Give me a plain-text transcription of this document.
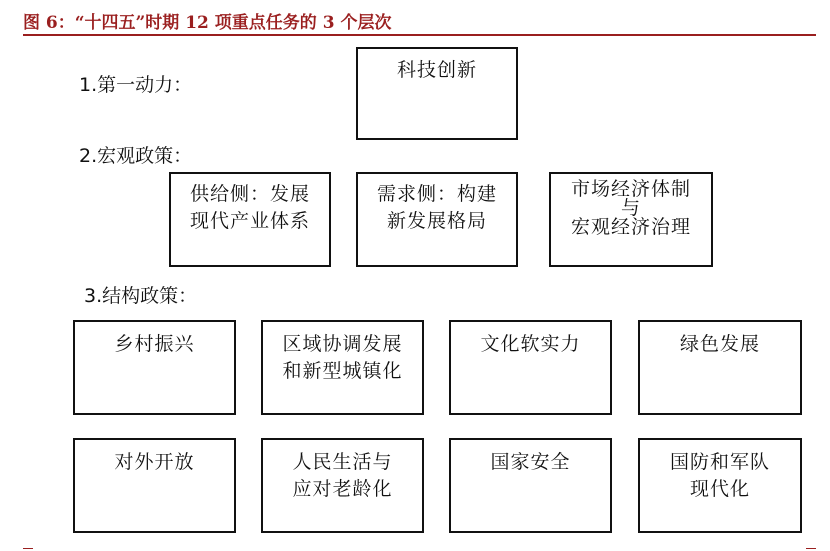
图 6：“十四五”时期 12 项重点任务的 3 个层次
1.第一动力：
科技创新
2.宏观政策：
供给侧：发展
现代产业体系
需求侧：构建
新发展格局
市场经济体制
与
宏观经济治理
3.结构政策：
乡村振兴	区域协调发展
和新型城镇化
文化软实力	绿色发展
对外开放	人民生活与
应对老龄化
国家安全	国防和军队
现代化
